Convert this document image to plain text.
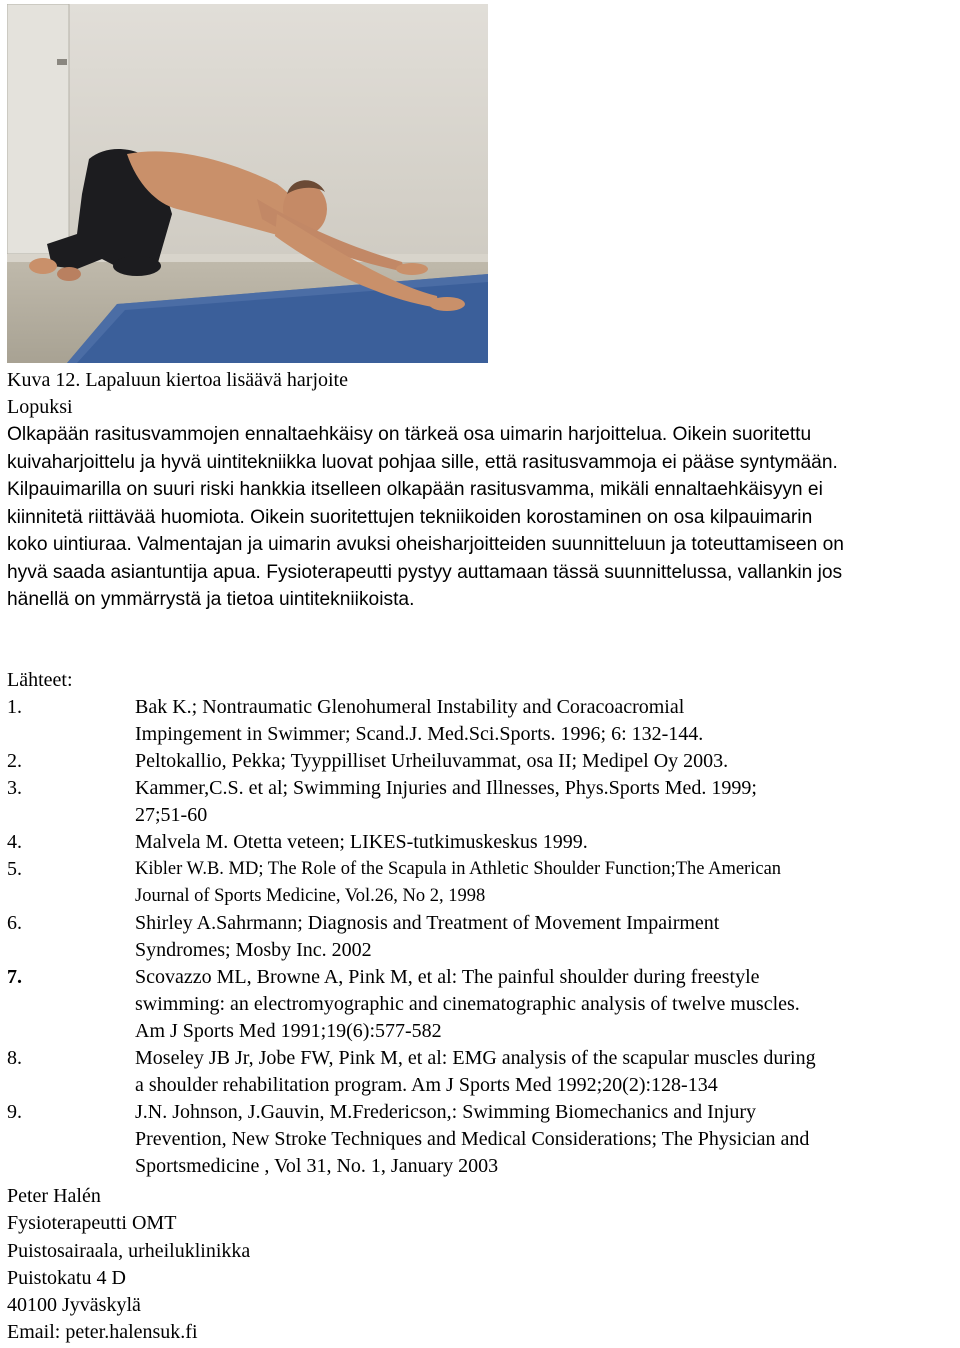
Kuva 12. Lapaluun kiertoa lisäävä harjoite
Lopuksi
Olkapään rasitusvammojen ennaltaehkäisy on tärkeä osa uimarin harjoittelua. Oikein suoritettu
kuivaharjoittelu ja hyvä uintitekniikka luovat pohjaa sille, että rasitusvammoja ei pääse syntymään.
Kilpauimarilla on suuri riski hankkia itselleen olkapään rasitusvamma, mikäli ennaltaehkäisyyn ei
kiinnitetä riittävää huomiota. Oikein suoritettujen tekniikoiden korostaminen on osa kilpauimarin
koko uintiuraa. Valmentajan ja uimarin avuksi oheisharjoitteiden suunnitteluun ja toteuttamiseen on
hyvä saada asiantuntija apua. Fysioterapeutti pystyy auttamaan tässä suunnittelussa, vallankin jos
hänellä on ymmärrystä ja tietoa uintitekniikoista.
Lähteet:
1.	Bak K.; Nontraumatic Glenohumeral Instability and Coracoacromial
Impingement in Swimmer; Scand.J. Med.Sci.Sports. 1996; 6: 132-144.
2.	Peltokallio, Pekka; Tyyppilliset Urheiluvammat, osa II; Medipel Oy 2003.
3.	Kammer,C.S. et al; Swimming Injuries and Illnesses, Phys.Sports Med. 1999;
27;51-60
4.	Malvela M. Otetta veteen; LIKES-tutkimuskeskus 1999.
5.	Kibler W.B. MD; The Role of the Scapula in Athletic Shoulder Function;The American
Journal of Sports Medicine, Vol.26, No 2, 1998
6.	Shirley A.Sahrmann; Diagnosis and Treatment of Movement Impairment
Syndromes; Mosby Inc. 2002
7.	Scovazzo ML, Browne A, Pink M, et al: The painful shoulder during freestyle
swimming: an electromyographic and cinematographic analysis of twelve muscles.
Am J Sports Med 1991;19(6):577-582
8.	Moseley JB Jr, Jobe FW, Pink M, et al: EMG analysis of the scapular muscles during
a shoulder rehabilitation program. Am J Sports Med 1992;20(2):128-134
9.	J.N. Johnson, J.Gauvin, M.Fredericson,: Swimming Biomechanics and Injury
Prevention, New Stroke Techniques and Medical Considerations; The Physician and
Sportsmedicine , Vol 31, No. 1, January 2003
Peter Halén
Fysioterapeutti OMT
Puistosairaala, urheiluklinikka
Puistokatu 4 D
40100 Jyväskylä
Email: peter.halensuk.fi
